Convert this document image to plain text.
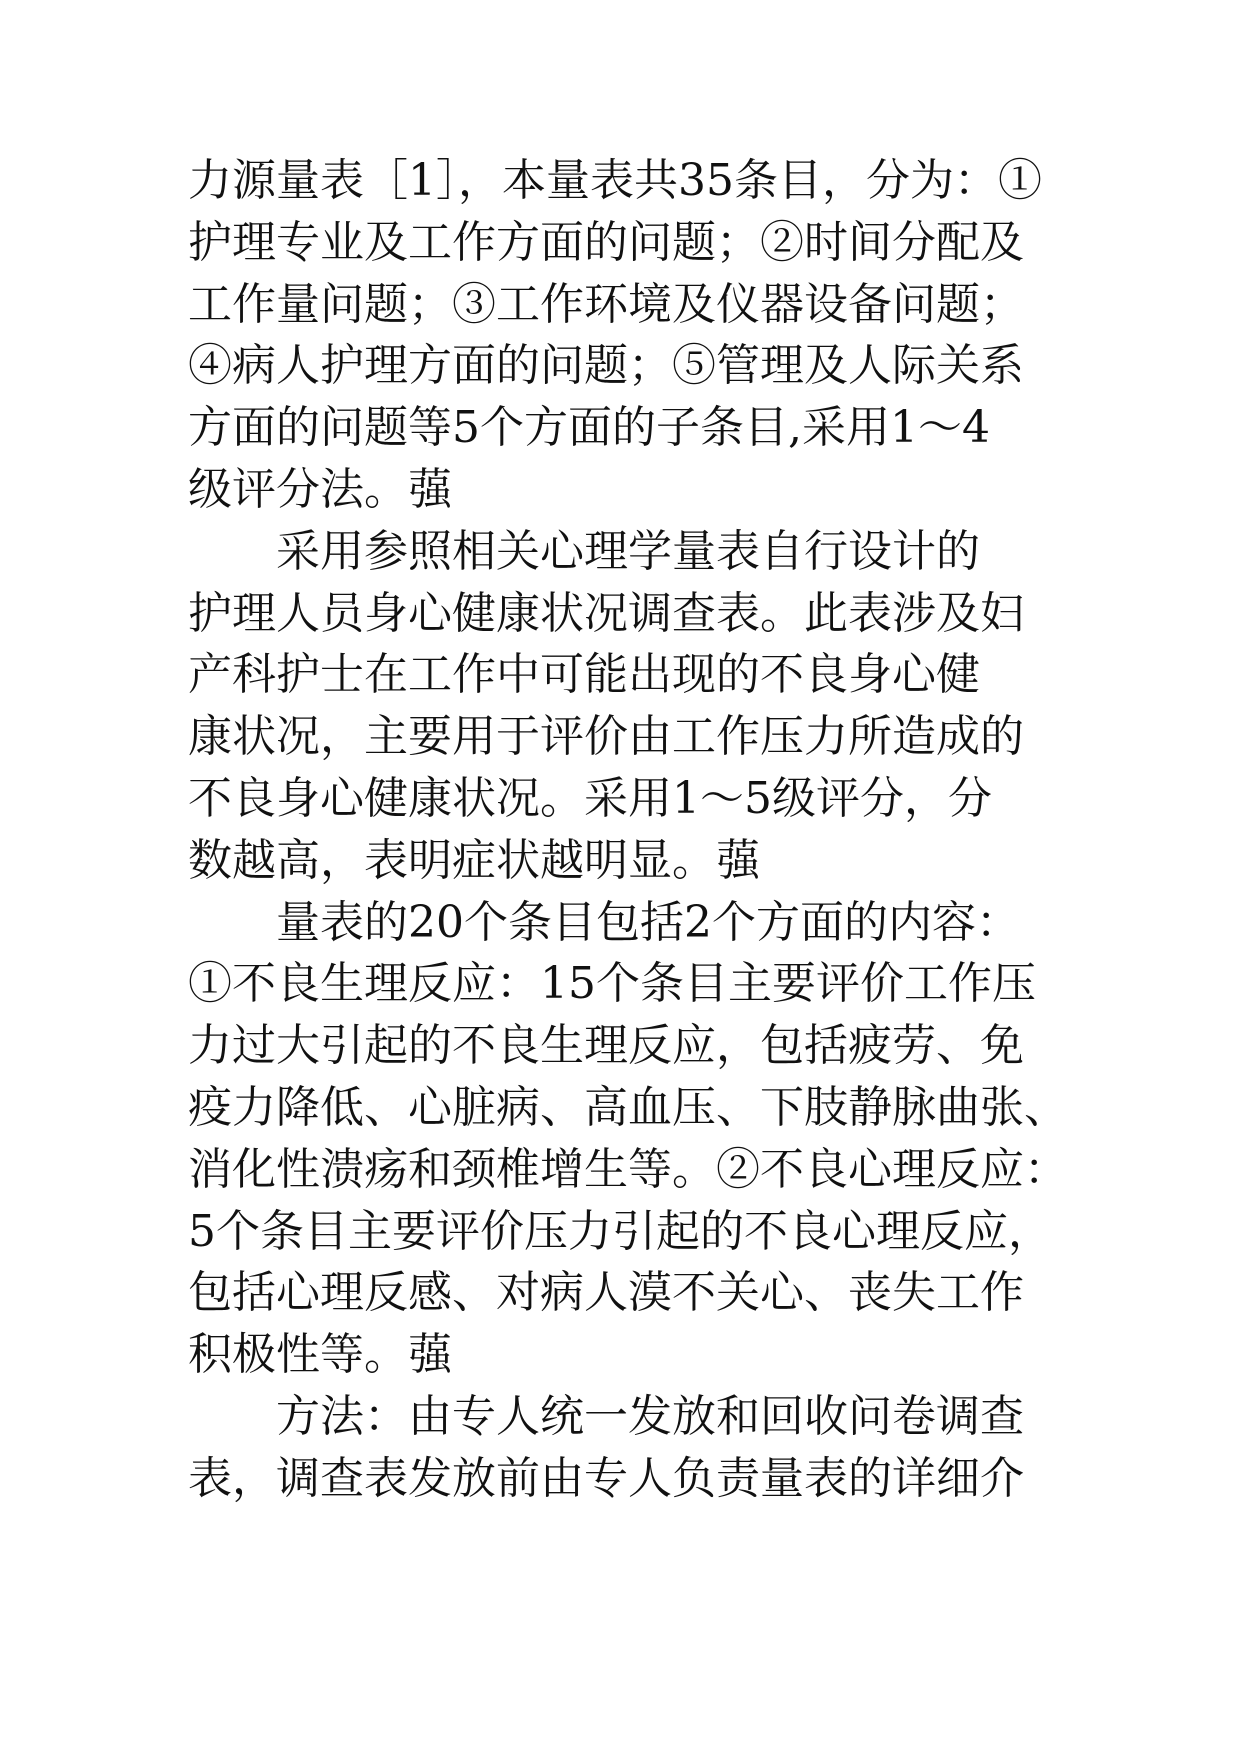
力源量表［1］，本量表共35条目，分为：①
护理专业及工作方面的问题；②时间分配及
工作量问题；③工作环境及仪器设备问题；
④病人护理方面的问题；⑤管理及人际关系
方面的问题等5个方面的子条目,采用1～4
级评分法。蔃
　　采用参照相关心理学量表自行设计的
护理人员身心健康状况调查表。此表涉及妇
产科护士在工作中可能出现的不良身心健
康状况，主要用于评价由工作压力所造成的
不良身心健康状况。采用1～5级评分，分
数越高，表明症状越明显。蔃
　　量表的20个条目包括2个方面的内容：
①不良生理反应：15个条目主要评价工作压
力过大引起的不良生理反应，包括疲劳、免
疫力降低、心脏病、高血压、下肢静脉曲张、
消化性溃疡和颈椎增生等。②不良心理反应：
5个条目主要评价压力引起的不良心理反应，
包括心理反感、对病人漠不关心、丧失工作
积极性等。蔃
　　方法：由专人统一发放和回收问卷调查
表，调查表发放前由专人负责量表的详细介
